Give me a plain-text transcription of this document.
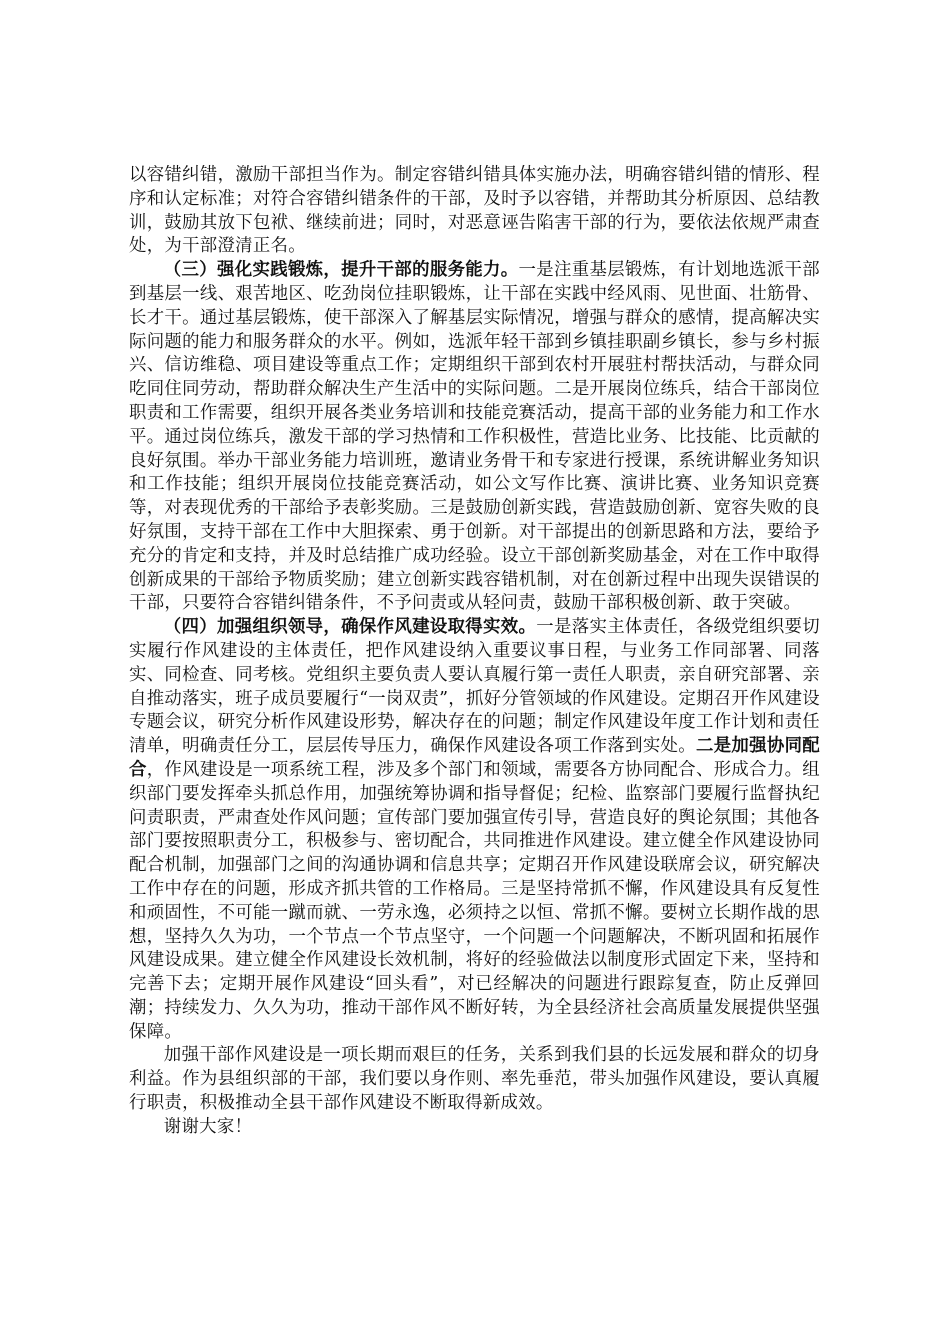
以容错纠错，激励干部担当作为。制定容错纠错具体实施办法，明确容错纠错的情形、程序和认定标准；对符合容错纠错条件的干部，及时予以容错，并帮助其分析原因、总结教训，鼓励其放下包袱、继续前进；同时，对恶意诬告陷害干部的行为，要依法依规严肃查处，为干部澄清正名。

（三）强化实践锻炼，提升干部的服务能力。一是注重基层锻炼，有计划地选派干部到基层一线、艰苦地区、吃劲岗位挂职锻炼，让干部在实践中经风雨、见世面、壮筋骨、长才干。通过基层锻炼，使干部深入了解基层实际情况，增强与群众的感情，提高解决实际问题的能力和服务群众的水平。例如，选派年轻干部到乡镇挂职副乡镇长，参与乡村振兴、信访维稳、项目建设等重点工作；定期组织干部到农村开展驻村帮扶活动，与群众同吃同住同劳动，帮助群众解决生产生活中的实际问题。二是开展岗位练兵，结合干部岗位职责和工作需要，组织开展各类业务培训和技能竞赛活动，提高干部的业务能力和工作水平。通过岗位练兵，激发干部的学习热情和工作积极性，营造比业务、比技能、比贡献的良好氛围。举办干部业务能力培训班，邀请业务骨干和专家进行授课，系统讲解业务知识和工作技能；组织开展岗位技能竞赛活动，如公文写作比赛、演讲比赛、业务知识竞赛等，对表现优秀的干部给予表彰奖励。三是鼓励创新实践，营造鼓励创新、宽容失败的良好氛围，支持干部在工作中大胆探索、勇于创新。对干部提出的创新思路和方法，要给予充分的肯定和支持，并及时总结推广成功经验。设立干部创新奖励基金，对在工作中取得创新成果的干部给予物质奖励；建立创新实践容错机制，对在创新过程中出现失误错误的干部，只要符合容错纠错条件，不予问责或从轻问责，鼓励干部积极创新、敢于突破。

（四）加强组织领导，确保作风建设取得实效。一是落实主体责任，各级党组织要切实履行作风建设的主体责任，把作风建设纳入重要议事日程，与业务工作同部署、同落实、同检查、同考核。党组织主要负责人要认真履行第一责任人职责，亲自研究部署、亲自推动落实，班子成员要履行“一岗双责”，抓好分管领域的作风建设。定期召开作风建设专题会议，研究分析作风建设形势，解决存在的问题；制定作风建设年度工作计划和责任清单，明确责任分工，层层传导压力，确保作风建设各项工作落到实处。二是加强协同配合，作风建设是一项系统工程，涉及多个部门和领域，需要各方协同配合、形成合力。组织部门要发挥牵头抓总作用，加强统筹协调和指导督促；纪检、监察部门要履行监督执纪问责职责，严肃查处作风问题；宣传部门要加强宣传引导，营造良好的舆论氛围；其他各部门要按照职责分工，积极参与、密切配合，共同推进作风建设。建立健全作风建设协同配合机制，加强部门之间的沟通协调和信息共享；定期召开作风建设联席会议，研究解决工作中存在的问题，形成齐抓共管的工作格局。三是坚持常抓不懈，作风建设具有反复性和顽固性，不可能一蹴而就、一劳永逸，必须持之以恒、常抓不懈。要树立长期作战的思想，坚持久久为功，一个节点一个节点坚守，一个问题一个问题解决，不断巩固和拓展作风建设成果。建立健全作风建设长效机制，将好的经验做法以制度形式固定下来，坚持和完善下去；定期开展作风建设“回头看”，对已经解决的问题进行跟踪复查，防止反弹回潮；持续发力、久久为功，推动干部作风不断好转，为全县经济社会高质量发展提供坚强保障。

加强干部作风建设是一项长期而艰巨的任务，关系到我们县的长远发展和群众的切身利益。作为县组织部的干部，我们要以身作则、率先垂范，带头加强作风建设，要认真履行职责，积极推动全县干部作风建设不断取得新成效。

谢谢大家！
